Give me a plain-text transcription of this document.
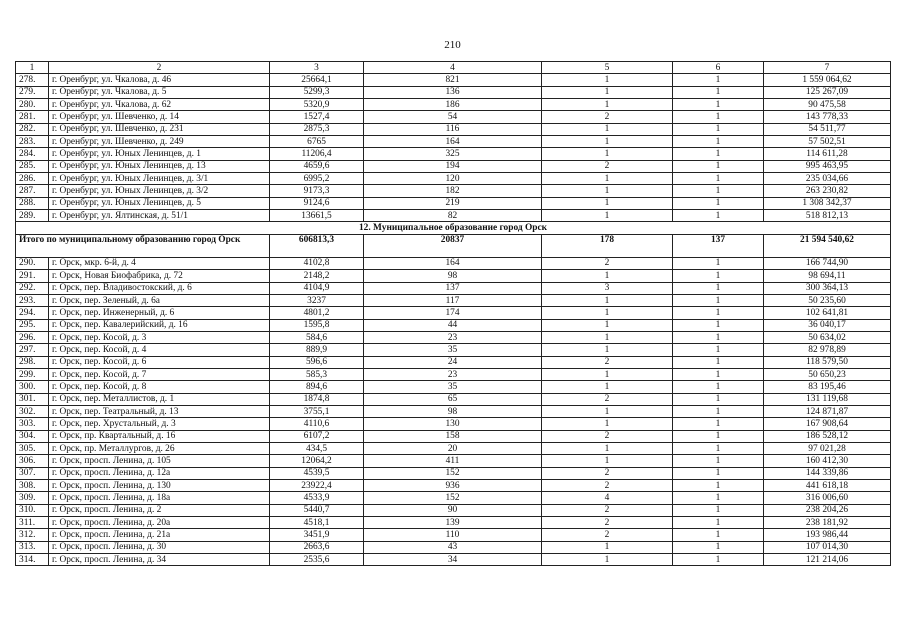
210
1	2	3	4	5	6	7
278.	г. Оренбург, ул. Чкалова, д. 46	25664,1	821	1	1	1 559 064,62
279.	г. Оренбург, ул. Чкалова, д. 5	5299,3	136	1	1	125 267,09
280.	г. Оренбург, ул. Чкалова, д. 62	5320,9	186	1	1	90 475,58
281.	г. Оренбург, ул. Шевченко, д. 14	1527,4	54	2	1	143 778,33
282.	г. Оренбург, ул. Шевченко, д. 231	2875,3	116	1	1	54 511,77
283.	г. Оренбург, ул. Шевченко, д. 249	6765	164	1	1	57 502,51
284.	г. Оренбург, ул. Юных Ленинцев, д. 1	11206,4	325	1	1	114 611,28
285.	г. Оренбург, ул. Юных Ленинцев, д. 13	4659,6	194	2	1	995 463,95
286.	г. Оренбург, ул. Юных Ленинцев, д. 3/1	6995,2	120	1	1	235 034,66
287.	г. Оренбург, ул. Юных Ленинцев, д. 3/2	9173,3	182	1	1	263 230,82
288.	г. Оренбург, ул. Юных Ленинцев, д. 5	9124,6	219	1	1	1 308 342,37
289.	г. Оренбург, ул. Ялтинская, д. 51/1	13661,5	82	1	1	518 812,13
12. Муниципальное образование город Орск						
Итого по муниципальному образованию город Орск		606813,3	20837	178	137	21 594 540,62
290.	г. Орск, мкр. 6-й, д. 4	4102,8	164	2	1	166 744,90
291.	г. Орск, Новая Биофабрика, д. 72	2148,2	98	1	1	98 694,11
292.	г. Орск, пер. Владивостокский, д. 6	4104,9	137	3	1	300 364,13
293.	г. Орск, пер. Зеленый, д. 6а	3237	117	1	1	50 235,60
294.	г. Орск, пер. Инженерный, д. 6	4801,2	174	1	1	102 641,81
295.	г. Орск, пер. Кавалерийский, д. 16	1595,8	44	1	1	36 040,17
296.	г. Орск, пер. Косой, д. 3	584,6	23	1	1	50 634,02
297.	г. Орск, пер. Косой, д. 4	889,9	35	1	1	82 978,89
298.	г. Орск, пер. Косой, д. 6	596,6	24	2	1	118 579,50
299.	г. Орск, пер. Косой, д. 7	585,3	23	1	1	50 650,23
300.	г. Орск, пер. Косой, д. 8	894,6	35	1	1	83 195,46
301.	г. Орск, пер. Металлистов, д. 1	1874,8	65	2	1	131 119,68
302.	г. Орск, пер. Театральный, д. 13	3755,1	98	1	1	124 871,87
303.	г. Орск, пер. Хрустальный, д. 3	4110,6	130	1	1	167 908,64
304.	г. Орск, пр. Квартальный, д. 16	6107,2	158	2	1	186 528,12
305.	г. Орск, пр. Металлургов, д. 26	434,5	20	1	1	97 021,28
306.	г. Орск, просп. Ленина, д. 105	12064,2	411	1	1	160 412,30
307.	г. Орск, просп. Ленина, д. 12а	4539,5	152	2	1	144 339,86
308.	г. Орск, просп. Ленина, д. 130	23922,4	936	2	1	441 618,18
309.	г. Орск, просп. Ленина, д. 18а	4533,9	152	4	1	316 006,60
310.	г. Орск, просп. Ленина, д. 2	5440,7	90	2	1	238 204,26
311.	г. Орск, просп. Ленина, д. 20а	4518,1	139	2	1	238 181,92
312.	г. Орск, просп. Ленина, д. 21а	3451,9	110	2	1	193 986,44
313.	г. Орск, просп. Ленина, д. 30	2663,6	43	1	1	107 014,30
314.	г. Орск, просп. Ленина, д. 34	2535,6	34	1	1	121 214,06
